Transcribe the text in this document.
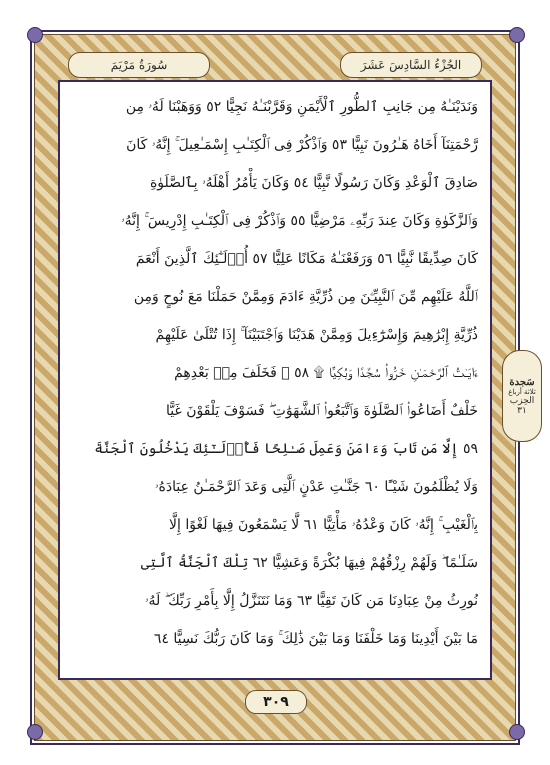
سُورَةُ مَرْيَمَ	الجُزْءُ السَّادِسَ عَشَرَ
وَنَدَيْنَـٰهُ مِن جَانِبِ ٱلطُّورِ ٱلْأَيْمَنِ وَقَرَّبْنَـٰهُ نَجِيًّا ٥٢ وَوَهَبْنَا لَهُۥ مِن
رَّحْمَتِنَآ أَخَاهُ هَـٰرُونَ نَبِيًّا ٥٣ وَٱذْكُرْ فِى ٱلْكِتَـٰبِ إِسْمَـٰعِيلَ ۚ إِنَّهُۥ كَانَ
صَادِقَ ٱلْوَعْدِ وَكَانَ رَسُولًا نَّبِيًّا ٥٤ وَكَانَ يَأْمُرُ أَهْلَهُۥ بِٱلصَّلَوٰةِ
وَٱلزَّكَوٰةِ وَكَانَ عِندَ رَبِّهِۦ مَرْضِيًّا ٥٥ وَٱذْكُرْ فِى ٱلْكِتَـٰبِ إِدْرِيسَ ۚ إِنَّهُۥ
كَانَ صِدِّيقًا نَّبِيًّا ٥٦ وَرَفَعْنَـٰهُ مَكَانًا عَلِيًّا ٥٧ أُو۟لَـٰٓئِكَ ٱلَّذِينَ أَنْعَمَ
ٱللَّهُ عَلَيْهِم مِّنَ ٱلنَّبِيِّـۧنَ مِن ذُرِّيَّةِ ءَادَمَ وَمِمَّنْ حَمَلْنَا مَعَ نُوحٍ وَمِن
ذُرِّيَّةِ إِبْرَٰهِيمَ وَإِسْرَٰٓءِيلَ وَمِمَّنْ هَدَيْنَا وَٱجْتَبَيْنَآ ۚ إِذَا تُتْلَىٰ عَلَيْهِمْ
ءَايَـٰتُ ٱلرَّحْمَـٰنِ خَرُّوا۟ سُجَّدًا وَبُكِيًّا ۩ ٥٨ ۞ فَخَلَفَ مِنۢ بَعْدِهِمْ
خَلْفٌ أَضَاعُوا۟ ٱلصَّلَوٰةَ وَٱتَّبَعُوا۟ ٱلشَّهَوَٰتِ ۖ فَسَوْفَ يَلْقَوْنَ غَيًّا
٥٩ إِلَّا مَن تَابَ وَءَامَنَ وَعَمِلَ صَـٰلِحًا فَأُو۟لَـٰٓئِكَ يَدْخُلُونَ ٱلْجَنَّةَ
وَلَا يُظْلَمُونَ شَيْـًٔا ٦٠ جَنَّـٰتِ عَدْنٍ ٱلَّتِى وَعَدَ ٱلرَّحْمَـٰنُ عِبَادَهُۥ
بِٱلْغَيْبِ ۚ إِنَّهُۥ كَانَ وَعْدُهُۥ مَأْتِيًّا ٦١ لَّا يَسْمَعُونَ فِيهَا لَغْوًا إِلَّا
سَلَـٰمًا ۖ وَلَهُمْ رِزْقُهُمْ فِيهَا بُكْرَةً وَعَشِيًّا ٦٢ تِلْكَ ٱلْجَنَّةُ ٱلَّتِى
نُورِثُ مِنْ عِبَادِنَا مَن كَانَ تَقِيًّا ٦٣ وَمَا نَتَنَزَّلُ إِلَّا بِأَمْرِ رَبِّكَ ۖ لَهُۥ
مَا بَيْنَ أَيْدِينَا وَمَا خَلْفَنَا وَمَا بَيْنَ ذَٰلِكَ ۚ وَمَا كَانَ رَبُّكَ نَسِيًّا ٦٤
سَجدة
ثلاثة أرباع
الحِزب
٣١
٣٠٩
